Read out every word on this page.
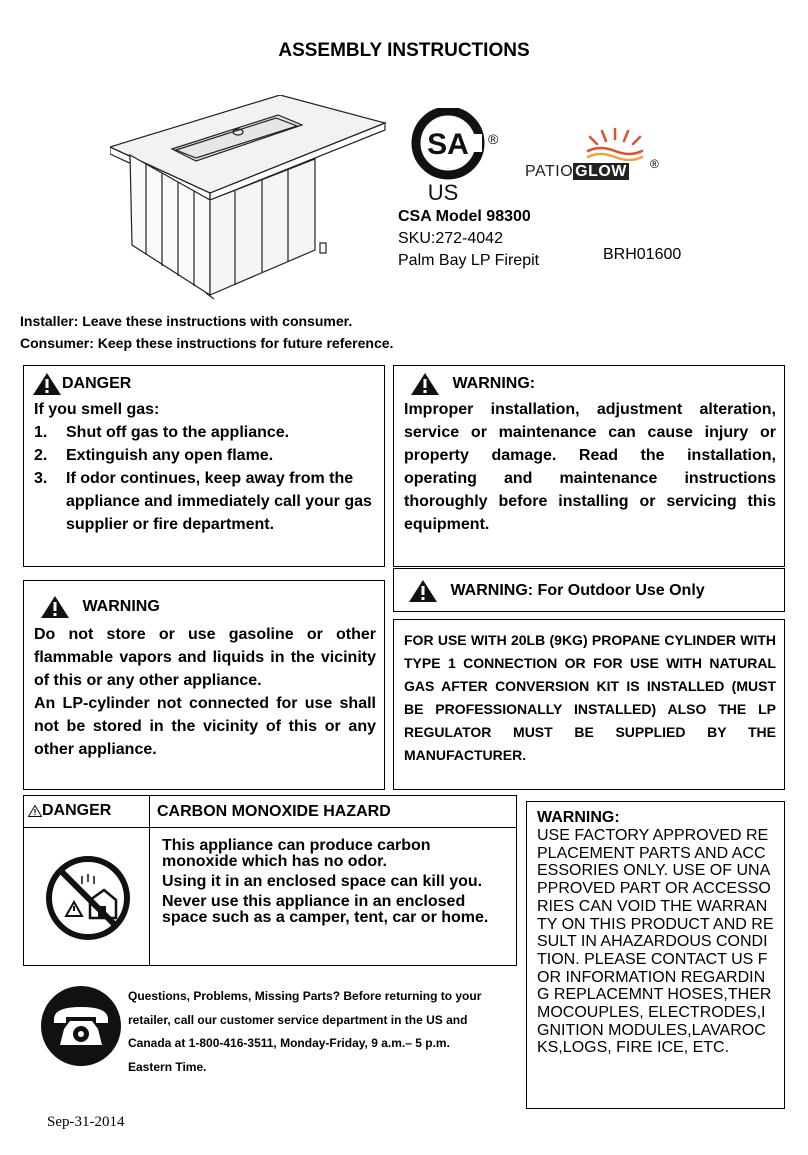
ASSEMBLY INSTRUCTIONS
SA ®
US
PATIO GLOW ®
CSA Model 98300
SKU:272-4042
Palm Bay LP Firepit	BRH01600
Installer: Leave these instructions with consumer.
Consumer: Keep these instructions for future reference.
DANGER
If you smell gas:
1.	Shut off gas to the appliance.
2.	Extinguish any open flame.
3.	If odor continues, keep away from the appliance and immediately call your gas supplier or fire department.
WARNING:
Improper installation, adjustment alteration, service or maintenance can cause injury or property damage. Read the installation, operating and maintenance instructions thoroughly before installing or servicing this equipment.
WARNING
Do not store or use gasoline or other flammable vapors and liquids in the vicinity of this or any other appliance.
An LP-cylinder not connected for use shall not be stored in the vicinity of this or any other appliance.
WARNING: For Outdoor Use Only
FOR USE WITH 20LB (9KG) PROPANE CYLINDER WITH TYPE 1 CONNECTION OR FOR USE WITH NATURAL GAS AFTER CONVERSION KIT IS INSTALLED (MUST BE PROFESSIONALLY INSTALLED) ALSO THE LP REGULATOR MUST BE SUPPLIED BY THE MANUFACTURER.
DANGER	CARBON MONOXIDE HAZARD
This appliance can produce carbon monoxide which has no odor.
Using it in an enclosed space can kill you.
Never use this appliance in an enclosed space such as a camper, tent, car or home.
Questions, Problems, Missing Parts? Before returning to your retailer, call our customer service department in the US and Canada at 1-800-416-3511, Monday-Friday, 9 a.m.– 5 p.m. Eastern Time.
WARNING:
USE FACTORY APPROVED REPLACEMENT PARTS AND ACCESSORIES ONLY. USE OF UNAPPROVED PART OR ACCESSORIES CAN VOID THE WARRANTY ON THIS PRODUCT AND RESULT IN AHAZARDOUS CONDITION. PLEASE CONTACT US FOR INFORMATION REGARDING REPLACEMNT HOSES,THERMOCOUPLES, ELECTRODES,IGNITION MODULES,LAVAROCKS,LOGS, FIRE ICE, ETC.
Sep-31-2014
